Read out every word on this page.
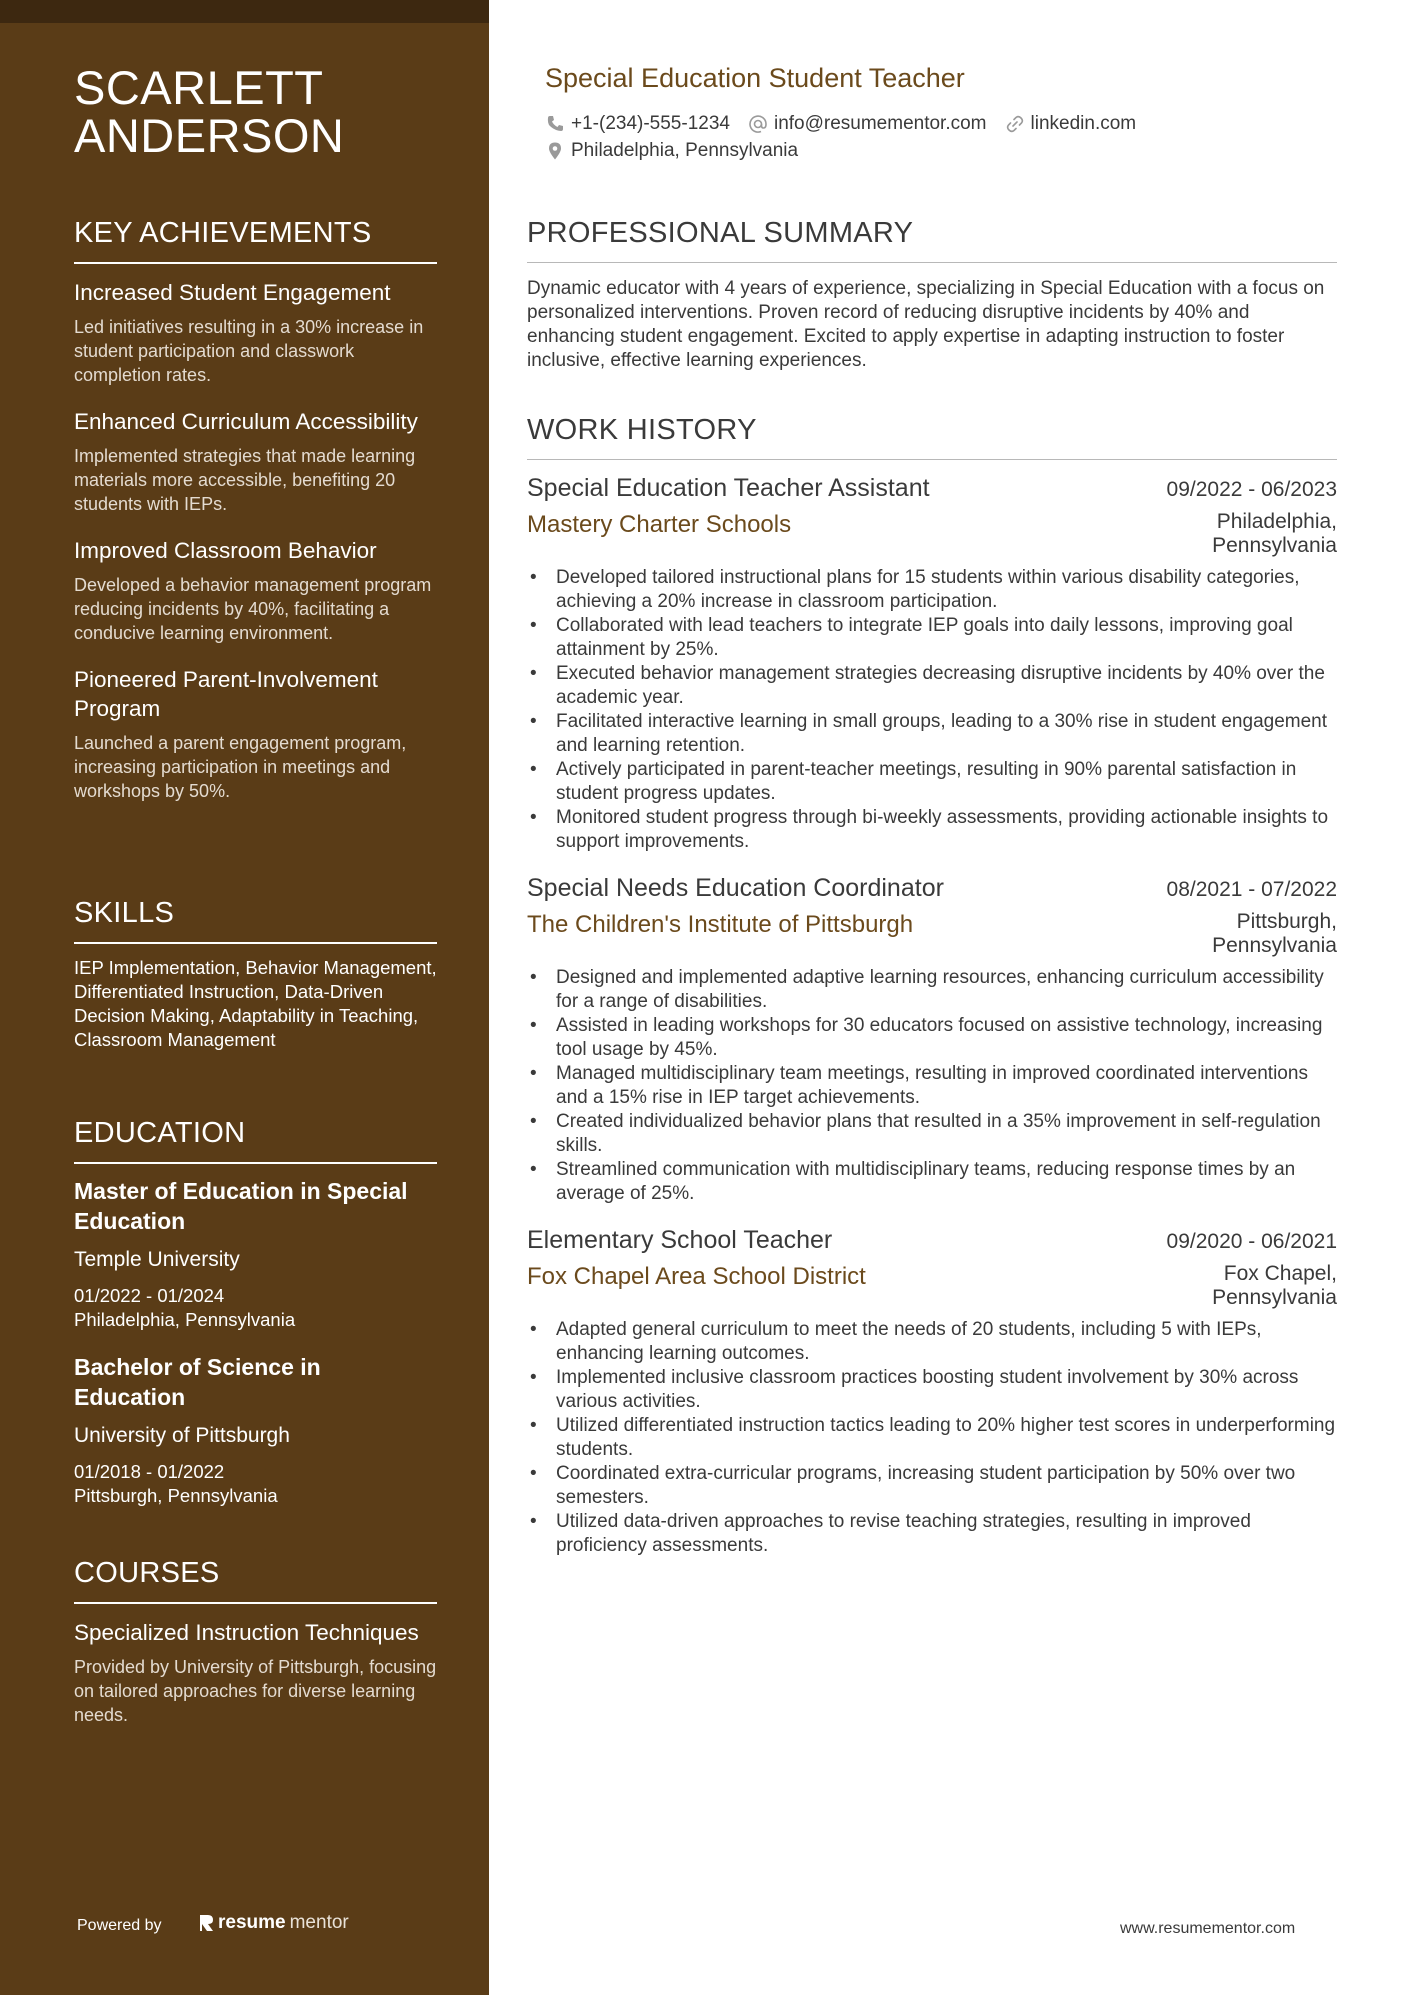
SCARLETT
ANDERSON
KEY ACHIEVEMENTS
Increased Student Engagement
Led initiatives resulting in a 30% increase in student participation and classwork completion rates.
Enhanced Curriculum Accessibility
Implemented strategies that made learning materials more accessible, benefiting 20 students with IEPs.
Improved Classroom Behavior
Developed a behavior management program reducing incidents by 40%, facilitating a conducive learning environment.
Pioneered Parent-Involvement Program
Launched a parent engagement program, increasing participation in meetings and workshops by 50%.
SKILLS
IEP Implementation, Behavior Management, Differentiated Instruction, Data-Driven Decision Making, Adaptability in Teaching, Classroom Management
EDUCATION
Master of Education in Special Education
Temple University
01/2022 - 01/2024
Philadelphia, Pennsylvania
Bachelor of Science in Education
University of Pittsburgh
01/2018 - 01/2022
Pittsburgh, Pennsylvania
COURSES
Specialized Instruction Techniques
Provided by University of Pittsburgh, focusing on tailored approaches for diverse learning needs.
Powered by	resume mentor
Special Education Student Teacher
+1-(234)-555-1234 info@resumementor.com linkedin.com
Philadelphia, Pennsylvania
PROFESSIONAL SUMMARY
Dynamic educator with 4 years of experience, specializing in Special Education with a focus on personalized interventions. Proven record of reducing disruptive incidents by 40% and enhancing student engagement. Excited to apply expertise in adapting instruction to foster inclusive, effective learning experiences.
WORK HISTORY
Special Education Teacher Assistant	09/2022 - 06/2023
Mastery Charter Schools	Philadelphia,
Pennsylvania
• Developed tailored instructional plans for 15 students within various disability categories, achieving a 20% increase in classroom participation.
• Collaborated with lead teachers to integrate IEP goals into daily lessons, improving goal attainment by 25%.
• Executed behavior management strategies decreasing disruptive incidents by 40% over the academic year.
• Facilitated interactive learning in small groups, leading to a 30% rise in student engagement and learning retention.
• Actively participated in parent-teacher meetings, resulting in 90% parental satisfaction in student progress updates.
• Monitored student progress through bi-weekly assessments, providing actionable insights to support improvements.
Special Needs Education Coordinator	08/2021 - 07/2022
The Children's Institute of Pittsburgh	Pittsburgh,
Pennsylvania
• Designed and implemented adaptive learning resources, enhancing curriculum accessibility for a range of disabilities.
• Assisted in leading workshops for 30 educators focused on assistive technology, increasing tool usage by 45%.
• Managed multidisciplinary team meetings, resulting in improved coordinated interventions and a 15% rise in IEP target achievements.
• Created individualized behavior plans that resulted in a 35% improvement in self-regulation skills.
• Streamlined communication with multidisciplinary teams, reducing response times by an average of 25%.
Elementary School Teacher	09/2020 - 06/2021
Fox Chapel Area School District	Fox Chapel,
Pennsylvania
• Adapted general curriculum to meet the needs of 20 students, including 5 with IEPs, enhancing learning outcomes.
• Implemented inclusive classroom practices boosting student involvement by 30% across various activities.
• Utilized differentiated instruction tactics leading to 20% higher test scores in underperforming students.
• Coordinated extra-curricular programs, increasing student participation by 50% over two semesters.
• Utilized data-driven approaches to revise teaching strategies, resulting in improved proficiency assessments.
www.resumementor.com
